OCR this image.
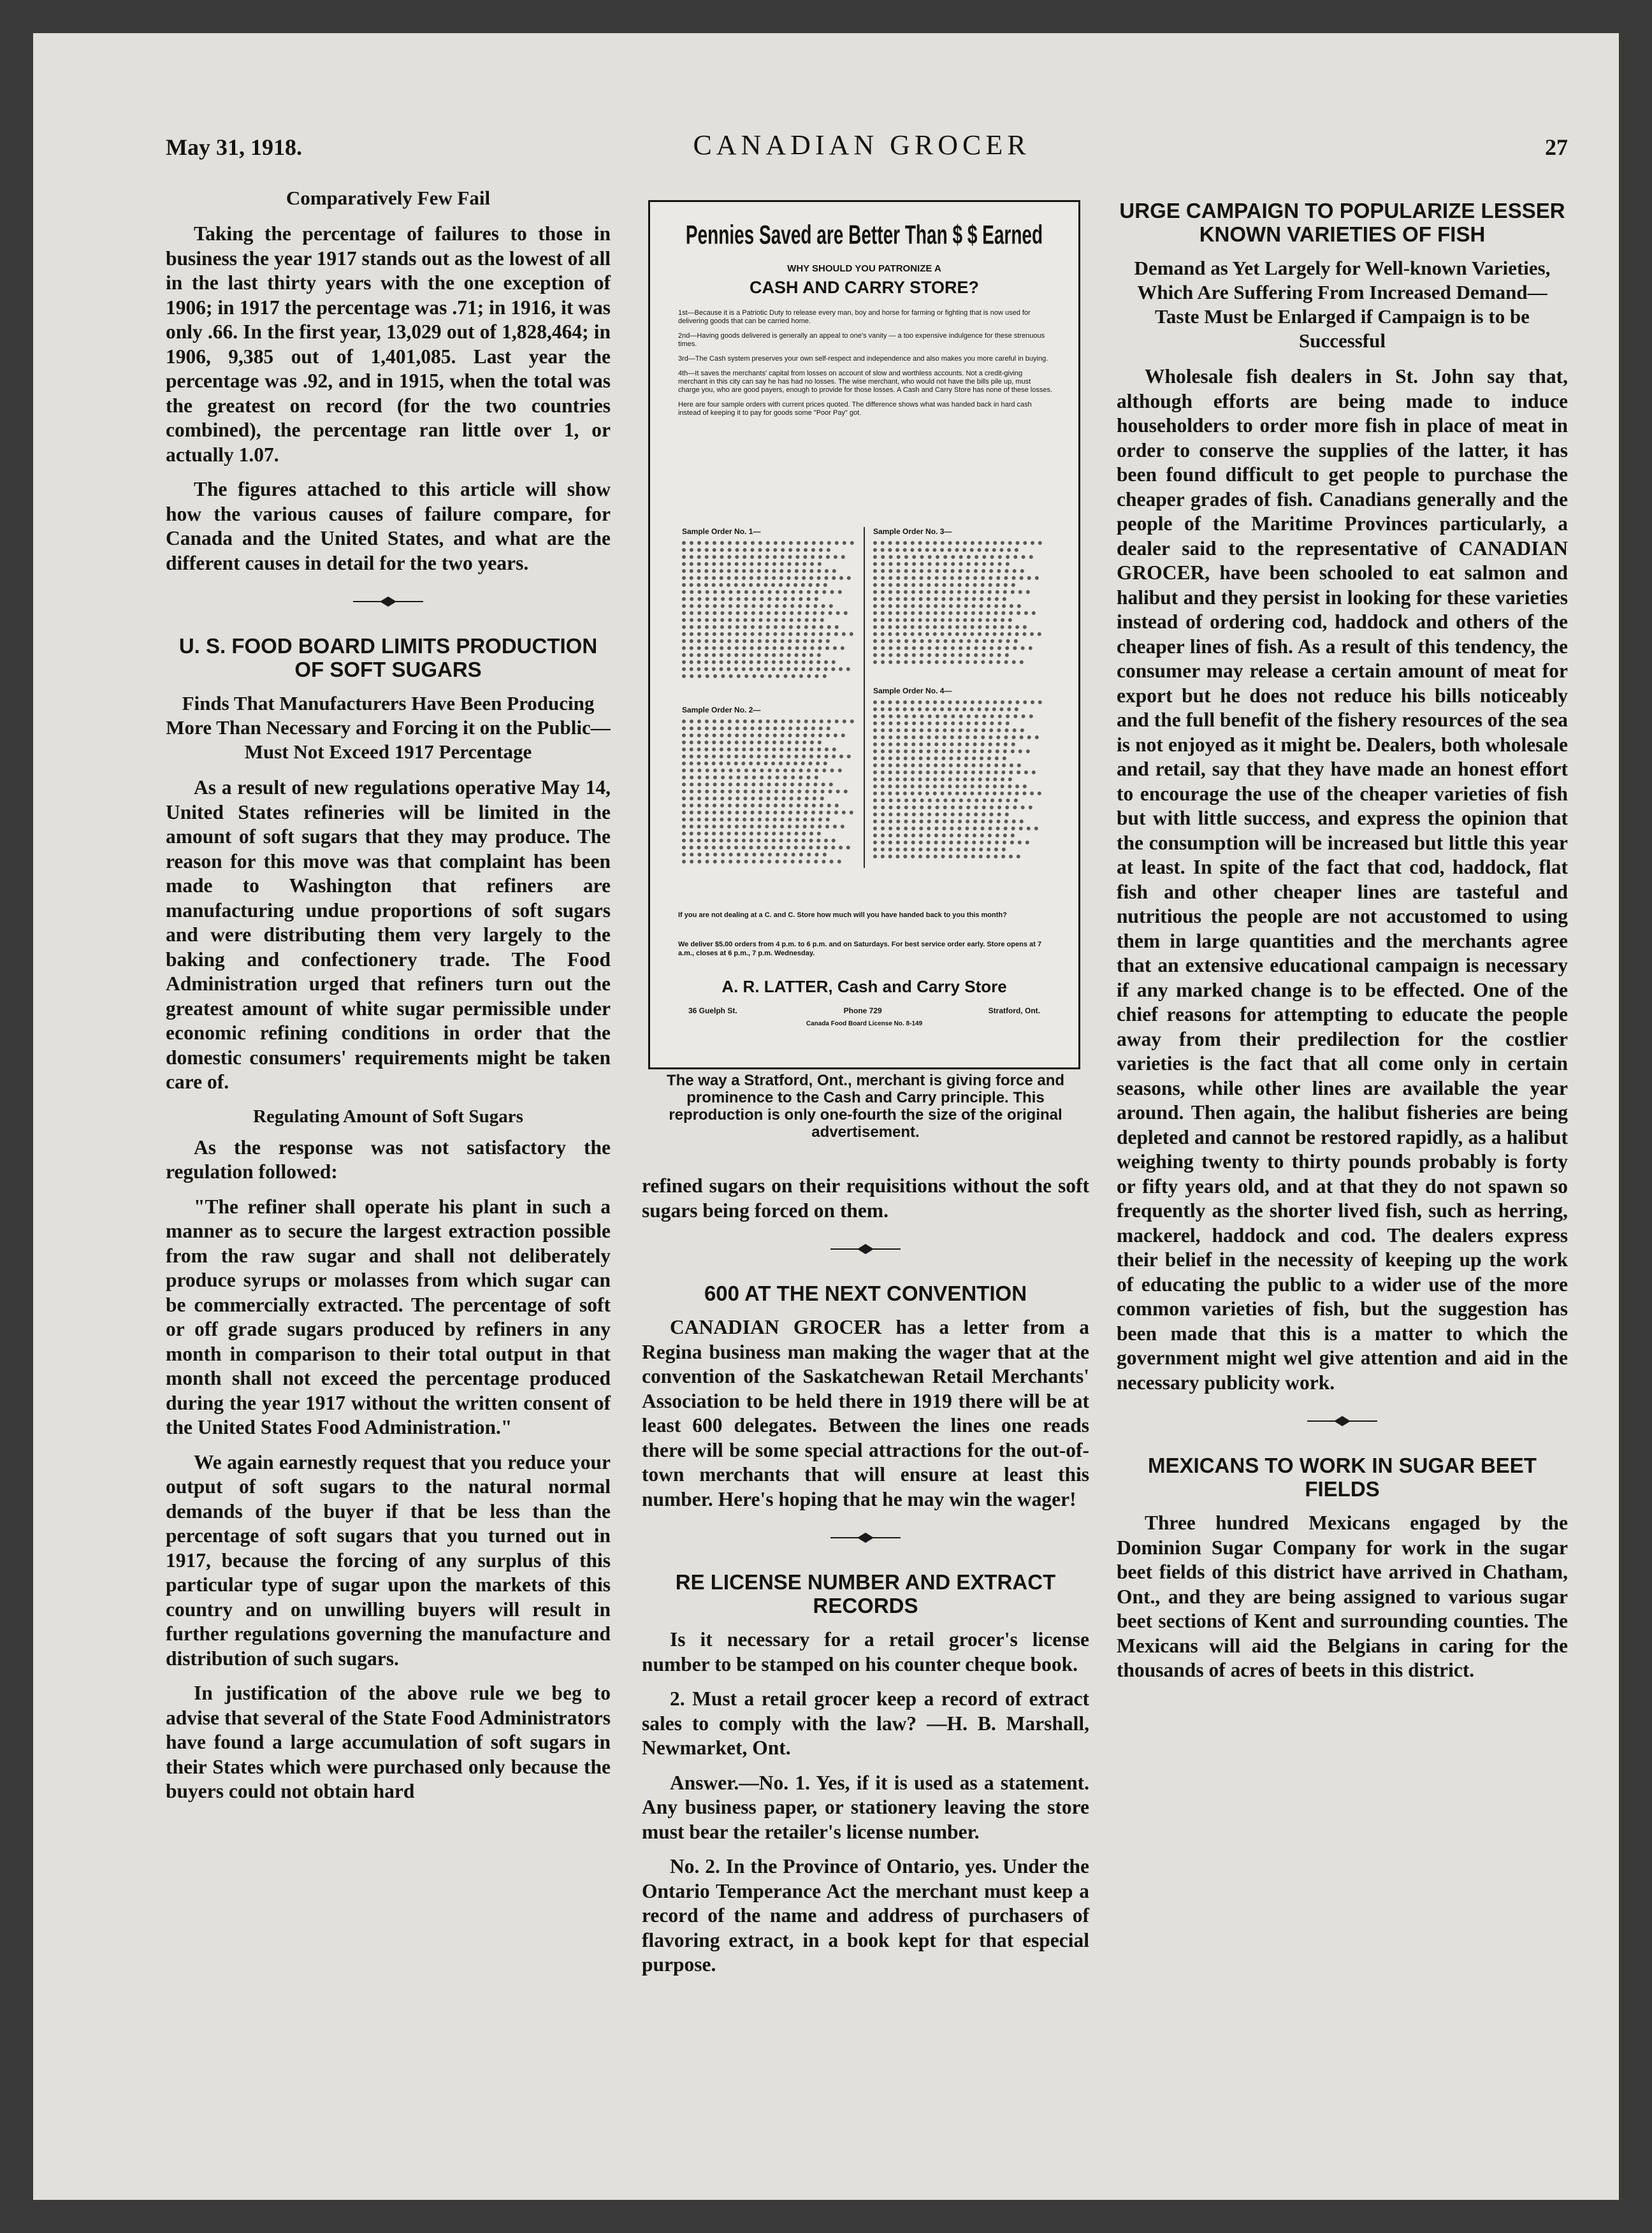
May 31, 1918.	CANADIAN GROCER	27
Comparatively Few Fail

Taking the percentage of failures to those in business the year 1917 stands out as the lowest of all in the last thirty years with the one exception of 1906; in 1917 the percentage was .71; in 1916, it was only .66. In the first year, 13,029 out of 1,828,464; in 1906, 9,385 out of 1,401,085. Last year the percentage was .92, and in 1915, when the total was the greatest on record (for the two countries combined), the percentage ran little over 1, or actually 1.07.

The figures attached to this article will show how the various causes of failure compare, for Canada and the United States, and what are the different causes in detail for the two years.

U. S. FOOD BOARD LIMITS PRODUCTION OF SOFT SUGARS
Finds That Manufacturers Have Been Producing More Than Necessary and Forcing it on the Public—Must Not Exceed 1917 Percentage

As a result of new regulations operative May 14, United States refineries will be limited in the amount of soft sugars that they may produce. The reason for this move was that complaint has been made to Washington that refiners are manufacturing undue proportions of soft sugars and were distributing them very largely to the baking and confectionery trade. The Food Administration urged that refiners turn out the greatest amount of white sugar permissible under economic refining conditions in order that the domestic consumers' requirements might be taken care of.

Regulating Amount of Soft Sugars

As the response was not satisfactory the regulation followed:

"The refiner shall operate his plant in such a manner as to secure the largest extraction possible from the raw sugar and shall not deliberately produce syrups or molasses from which sugar can be commercially extracted. The percentage of soft or off grade sugars produced by refiners in any month in comparison to their total output in that month shall not exceed the percentage produced during the year 1917 without the written consent of the United States Food Administration."

We again earnestly request that you reduce your output of soft sugars to the natural normal demands of the buyer if that be less than the percentage of soft sugars that you turned out in 1917, because the forcing of any surplus of this particular type of sugar upon the markets of this country and on unwilling buyers will result in further regulations governing the manufacture and distribution of such sugars.

In justification of the above rule we beg to advise that several of the State Food Administrators have found a large accumulation of soft sugars in their States which were purchased only because the buyers could not obtain hard

Pennies Saved are Better Than $ $ Earned
WHY SHOULD YOU PATRONIZE A
CASH AND CARRY STORE?
1st—Because it is a Patriotic Duty to release every man, boy and horse for farming or fighting that is now used for delivering goods that can be carried home.
2nd—Having goods delivered is generally an appeal to one's vanity — a too expensive indulgence for these strenuous times.
3rd—The Cash system preserves your own self-respect and independence and also makes you more careful in buying.
4th—It saves the merchants' capital from losses on account of slow and worthless accounts. Not a credit-giving merchant in this city can say he has had no losses. The wise merchant, who would not have the bills pile up, must charge you, who are good payers, enough to provide for those losses. A Cash and Carry Store has none of these losses.
Here are four sample orders with current prices quoted. The difference shows what was handed back in hard cash instead of keeping it to pay for goods some "Poor Pay" got.
Sample Order No. 1—	Sample Order No. 3—
Sample Order No. 2—
Sample Order No. 4—
If you are not dealing at a C. and C. Store how much will you have handed back to you this month?
We deliver $5.00 orders from 4 p.m. to 6 p.m. and on Saturdays. For best service order early. Store opens at 7 a.m., closes at 6 p.m., 7 p.m. Wednesday.
A. R. LATTER, Cash and Carry Store
36 Guelph St.	Phone 729	Stratford, Ont.
Canada Food Board License No. 8-149
The way a Stratford, Ont., merchant is giving force and prominence to the Cash and Carry principle. This reproduction is only one-fourth the size of the original advertisement.

refined sugars on their requisitions without the soft sugars being forced on them.

600 AT THE NEXT CONVENTION

CANADIAN GROCER has a letter from a Regina business man making the wager that at the convention of the Saskatchewan Retail Merchants' Association to be held there in 1919 there will be at least 600 delegates. Between the lines one reads there will be some special attractions for the out-of-town merchants that will ensure at least this number. Here's hoping that he may win the wager!

RE LICENSE NUMBER AND EXTRACT RECORDS

Is it necessary for a retail grocer's license number to be stamped on his counter cheque book.

2. Must a retail grocer keep a record of extract sales to comply with the law? —H. B. Marshall, Newmarket, Ont.

Answer.—No. 1. Yes, if it is used as a statement. Any business paper, or stationery leaving the store must bear the retailer's license number.

No. 2. In the Province of Ontario, yes. Under the Ontario Temperance Act the merchant must keep a record of the name and address of purchasers of flavoring extract, in a book kept for that especial purpose.

URGE CAMPAIGN TO POPULARIZE LESSER KNOWN VARIETIES OF FISH
Demand as Yet Largely for Well-known Varieties, Which Are Suffering From Increased Demand—Taste Must be Enlarged if Campaign is to be Successful

Wholesale fish dealers in St. John say that, although efforts are being made to induce householders to order more fish in place of meat in order to conserve the supplies of the latter, it has been found difficult to get people to purchase the cheaper grades of fish. Canadians generally and the people of the Maritime Provinces particularly, a dealer said to the representative of CANADIAN GROCER, have been schooled to eat salmon and halibut and they persist in looking for these varieties instead of ordering cod, haddock and others of the cheaper lines of fish. As a result of this tendency, the consumer may release a certain amount of meat for export but he does not reduce his bills noticeably and the full benefit of the fishery resources of the sea is not enjoyed as it might be. Dealers, both wholesale and retail, say that they have made an honest effort to encourage the use of the cheaper varieties of fish but with little success, and express the opinion that the consumption will be increased but little this year at least. In spite of the fact that cod, haddock, flat fish and other cheaper lines are tasteful and nutritious the people are not accustomed to using them in large quantities and the merchants agree that an extensive educational campaign is necessary if any marked change is to be effected. One of the chief reasons for attempting to educate the people away from their predilection for the costlier varieties is the fact that all come only in certain seasons, while other lines are available the year around. Then again, the halibut fisheries are being depleted and cannot be restored rapidly, as a halibut weighing twenty to thirty pounds probably is forty or fifty years old, and at that they do not spawn so frequently as the shorter lived fish, such as herring, mackerel, haddock and cod. The dealers express their belief in the necessity of keeping up the work of educating the public to a wider use of the more common varieties of fish, but the suggestion has been made that this is a matter to which the government might wel give attention and aid in the necessary publicity work.

MEXICANS TO WORK IN SUGAR BEET FIELDS

Three hundred Mexicans engaged by the Dominion Sugar Company for work in the sugar beet fields of this district have arrived in Chatham, Ont., and they are being assigned to various sugar beet sections of Kent and surrounding counties. The Mexicans will aid the Belgians in caring for the thousands of acres of beets in this district.
